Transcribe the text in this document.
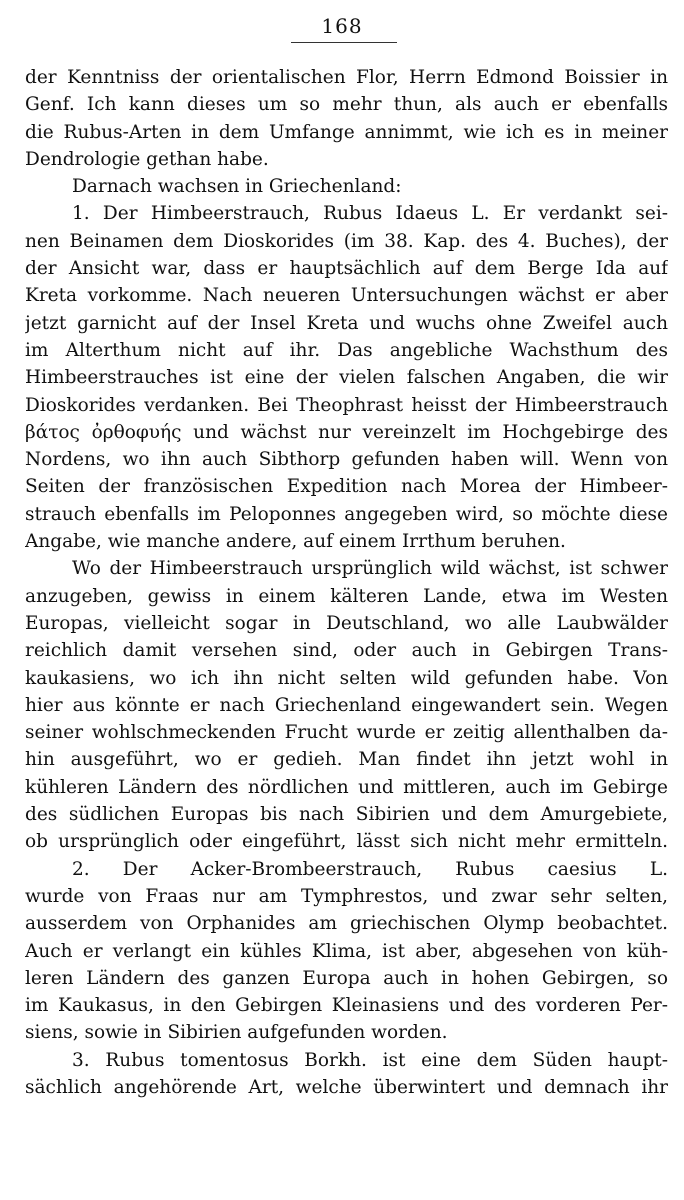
168
der Kenntniss der orientalischen Flor, Herrn Edmond Boissier in
Genf. Ich kann dieses um so mehr thun, als auch er ebenfalls
die Rubus-Arten in dem Umfange annimmt, wie ich es in meiner
Dendrologie gethan habe.
Darnach wachsen in Griechenland:
1. Der Himbeerstrauch, Rubus Idaeus L. Er verdankt sei-
nen Beinamen dem Dioskorides (im 38. Kap. des 4. Buches), der
der Ansicht war, dass er hauptsächlich auf dem Berge Ida auf
Kreta vorkomme. Nach neueren Untersuchungen wächst er aber
jetzt garnicht auf der Insel Kreta und wuchs ohne Zweifel auch
im Alterthum nicht auf ihr. Das angebliche Wachsthum des
Himbeerstrauches ist eine der vielen falschen Angaben, die wir
Dioskorides verdanken. Bei Theophrast heisst der Himbeerstrauch
βάτος ὀρθοφυής und wächst nur vereinzelt im Hochgebirge des
Nordens, wo ihn auch Sibthorp gefunden haben will. Wenn von
Seiten der französischen Expedition nach Morea der Himbeer-
strauch ebenfalls im Peloponnes angegeben wird, so möchte diese
Angabe, wie manche andere, auf einem Irrthum beruhen.
Wo der Himbeerstrauch ursprünglich wild wächst, ist schwer
anzugeben, gewiss in einem kälteren Lande, etwa im Westen
Europas, vielleicht sogar in Deutschland, wo alle Laubwälder
reichlich damit versehen sind, oder auch in Gebirgen Trans-
kaukasiens, wo ich ihn nicht selten wild gefunden habe. Von
hier aus könnte er nach Griechenland eingewandert sein. Wegen
seiner wohlschmeckenden Frucht wurde er zeitig allenthalben da-
hin ausgeführt, wo er gedieh. Man findet ihn jetzt wohl in
kühleren Ländern des nördlichen und mittleren, auch im Gebirge
des südlichen Europas bis nach Sibirien und dem Amurgebiete,
ob ursprünglich oder eingeführt, lässt sich nicht mehr ermitteln.
2. Der Acker-Brombeerstrauch, Rubus caesius L.
wurde von Fraas nur am Tymphrestos, und zwar sehr selten,
ausserdem von Orphanides am griechischen Olymp beobachtet.
Auch er verlangt ein kühles Klima, ist aber, abgesehen von küh-
leren Ländern des ganzen Europa auch in hohen Gebirgen, so
im Kaukasus, in den Gebirgen Kleinasiens und des vorderen Per-
siens, sowie in Sibirien aufgefunden worden.
3. Rubus tomentosus Borkh. ist eine dem Süden haupt-
sächlich angehörende Art, welche überwintert und demnach ihr
